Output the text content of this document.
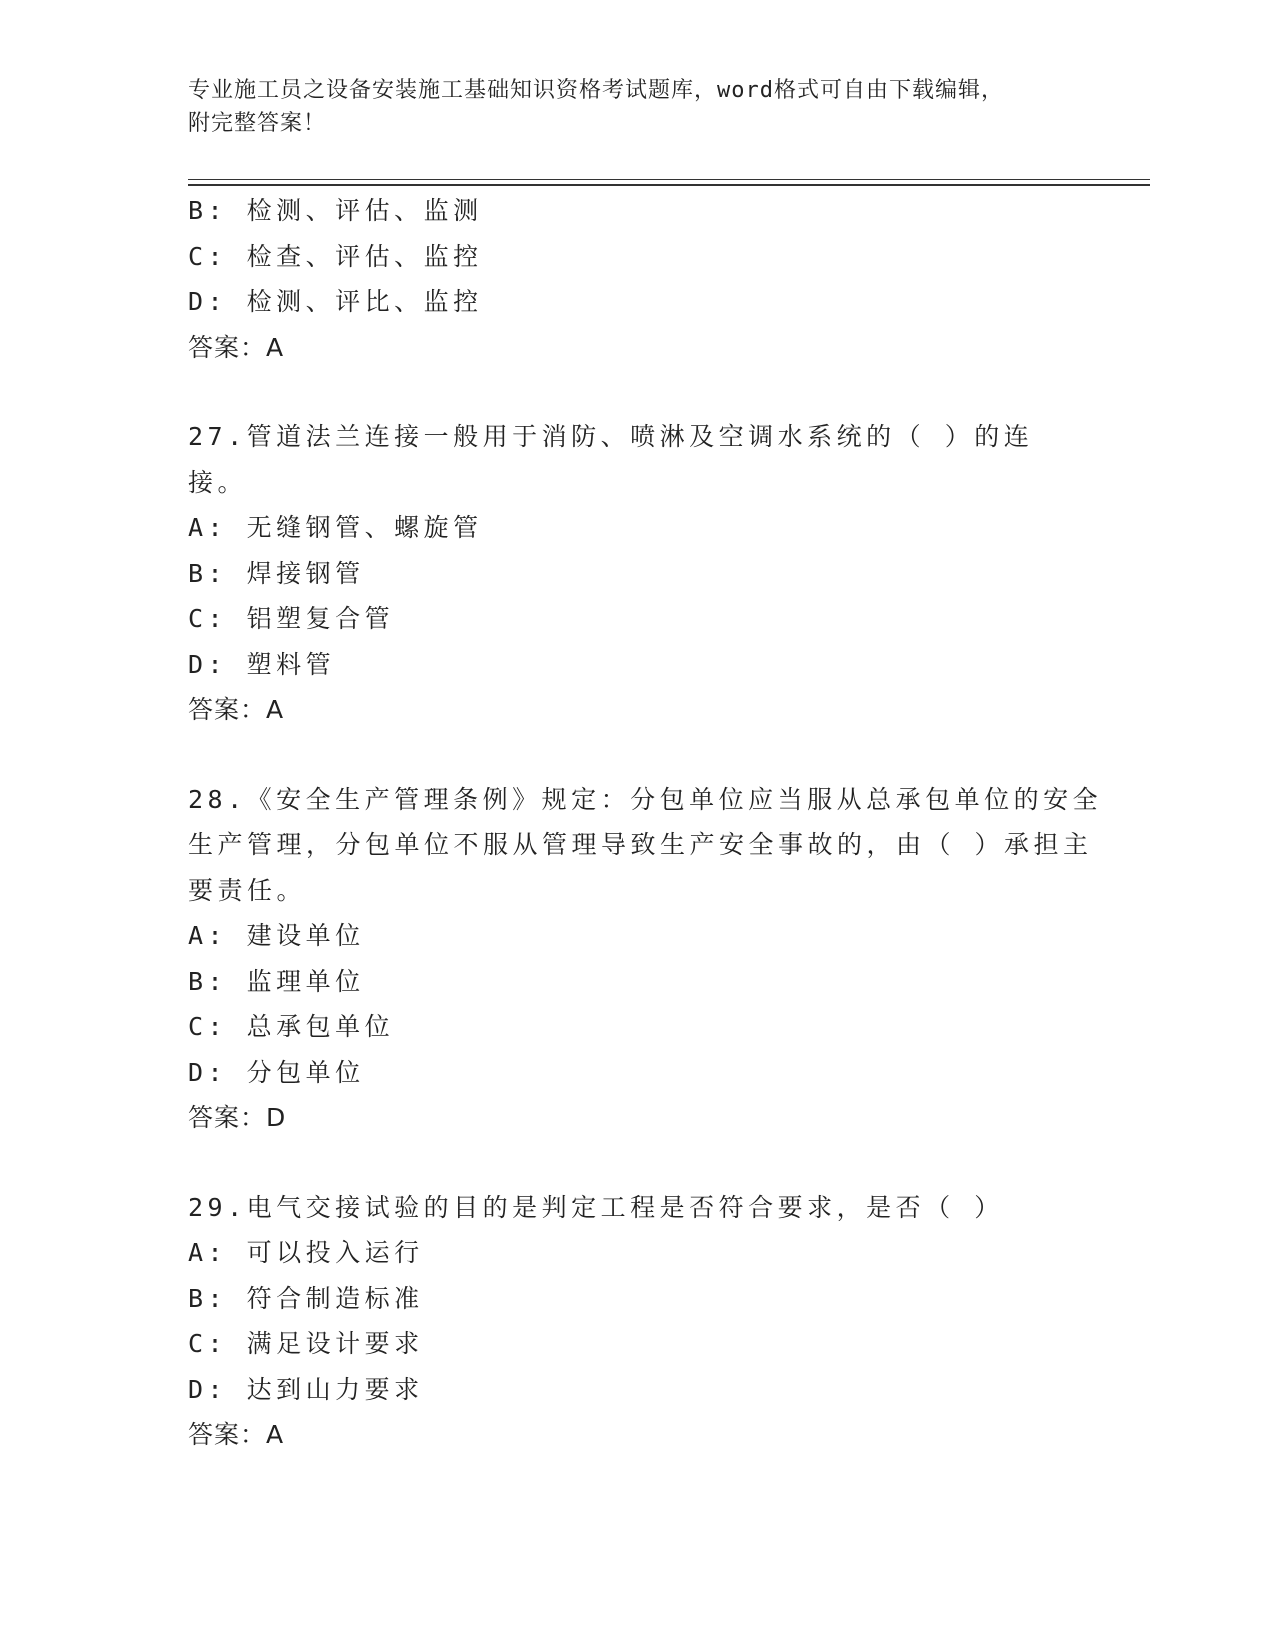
专业施工员之设备安装施工基础知识资格考试题库，word格式可自由下载编辑，
附完整答案！
B: 检测、评估、监测
C: 检查、评估、监控
D: 检测、评比、监控
答案：A
27.管道法兰连接一般用于消防、喷淋及空调水系统的（ ）的连接。
A: 无缝钢管、螺旋管
B: 焊接钢管
C: 铝塑复合管
D: 塑料管
答案：A
28.《安全生产管理条例》规定：分包单位应当服从总承包单位的安全
生产管理，分包单位不服从管理导致生产安全事故的，由（ ）承担主
要责任。
A: 建设单位
B: 监理单位
C: 总承包单位
D: 分包单位
答案：D
29.电气交接试验的目的是判定工程是否符合要求，是否（ ）
A: 可以投入运行
B: 符合制造标准
C: 满足设计要求
D: 达到山力要求
答案：A
